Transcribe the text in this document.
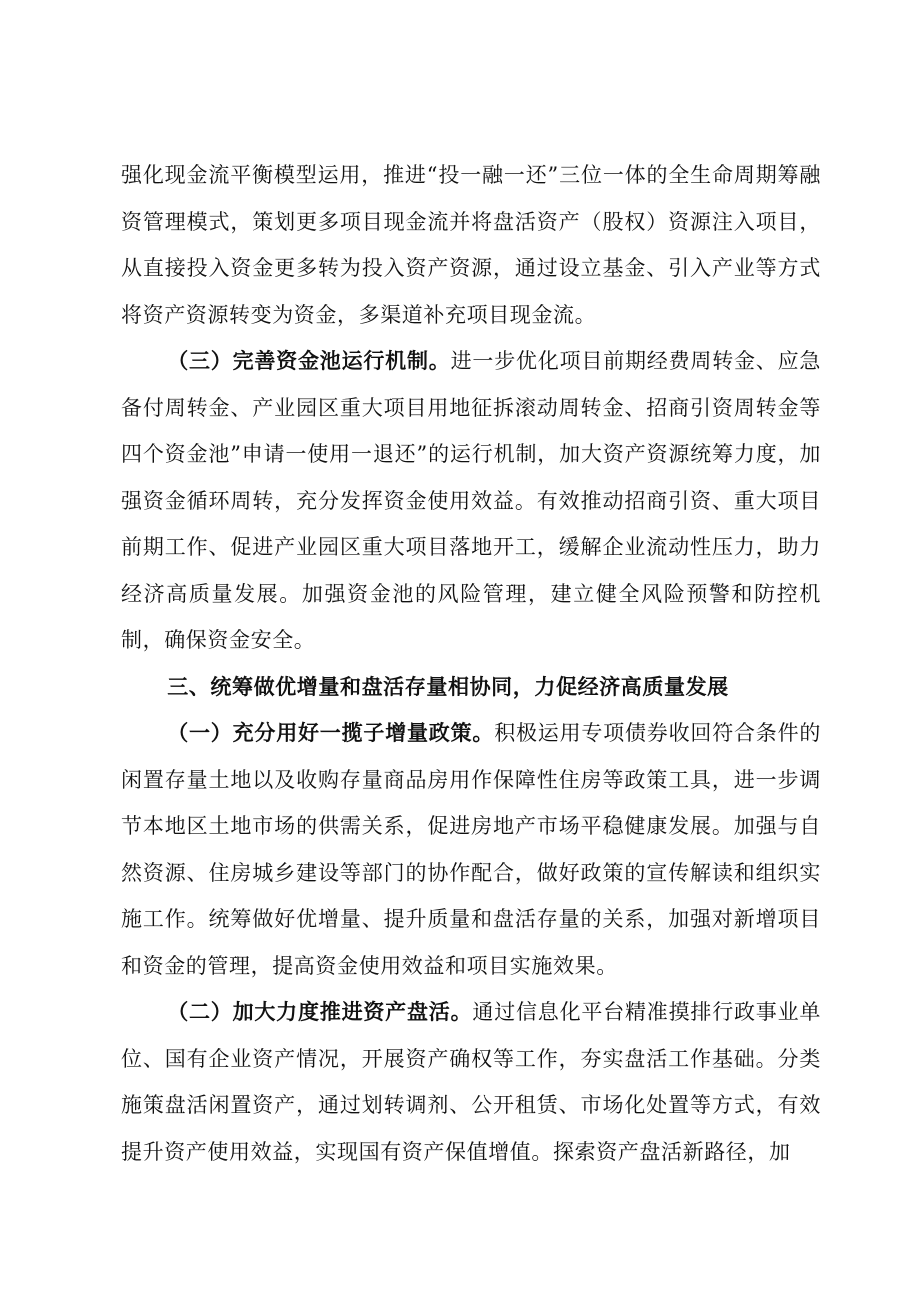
强化现金流平衡模型运用，推进“投一融一还”三位一体的全生命周期筹融资管理模式，策划更多项目现金流并将盘活资产（股权）资源注入项目，从直接投入资金更多转为投入资产资源，通过设立基金、引入产业等方式将资产资源转变为资金，多渠道补充项目现金流。

（三）完善资金池运行机制。进一步优化项目前期经费周转金、应急备付周转金、产业园区重大项目用地征拆滚动周转金、招商引资周转金等四个资金池”申请一使用一退还”的运行机制，加大资产资源统筹力度，加强资金循环周转，充分发挥资金使用效益。有效推动招商引资、重大项目前期工作、促进产业园区重大项目落地开工，缓解企业流动性压力，助力经济高质量发展。加强资金池的风险管理，建立健全风险预警和防控机制，确保资金安全。

三、统筹做优增量和盘活存量相协同，力促经济高质量发展

（一）充分用好一揽子增量政策。积极运用专项债券收回符合条件的闲置存量土地以及收购存量商品房用作保障性住房等政策工具，进一步调节本地区土地市场的供需关系，促进房地产市场平稳健康发展。加强与自然资源、住房城乡建设等部门的协作配合，做好政策的宣传解读和组织实施工作。统筹做好优增量、提升质量和盘活存量的关系，加强对新增项目和资金的管理，提高资金使用效益和项目实施效果。

（二）加大力度推进资产盘活。通过信息化平台精准摸排行政事业单位、国有企业资产情况，开展资产确权等工作，夯实盘活工作基础。分类施策盘活闲置资产，通过划转调剂、公开租赁、市场化处置等方式，有效提升资产使用效益，实现国有资产保值增值。探索资产盘活新路径，加
